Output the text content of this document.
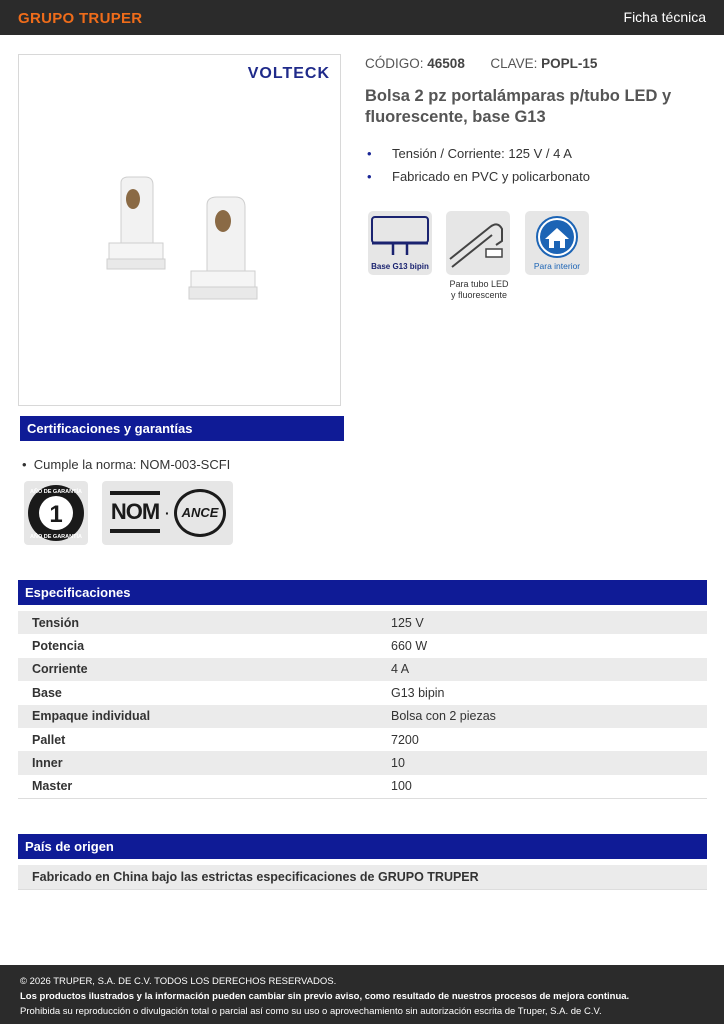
GRUPO TRUPER	Ficha técnica
VOLTECK
CÓDIGO: 46508 CLAVE: POPL-15
Bolsa 2 pz portalámparas p/tubo LED y fluorescente, base G13
• Tensión / Corriente: 125 V / 4 A
• Fabricado en PVC y policarbonato
Base G13 bipin
Para tubo LED
y fluorescente
Para interior
Certificaciones y garantías
•  Cumple la norma: NOM-003-SCFI
1
AÑO DE GARANTÍA
AÑO DE GARANTÍA
NOM · ANCE
Especificaciones
Tensión	125 V
Potencia	660 W
Corriente	4 A
Base	G13 bipin
Empaque individual	Bolsa con 2 piezas
Pallet	7200
Inner	10
Master	100
País de origen
Fabricado en China bajo las estrictas especificaciones de GRUPO TRUPER
© 2026 TRUPER, S.A. DE C.V. TODOS LOS DERECHOS RESERVADOS.
Los productos ilustrados y la información pueden cambiar sin previo aviso, como resultado de nuestros procesos de mejora continua.
Prohibida su reproducción o divulgación total o parcial así como su uso o aprovechamiento sin autorización escrita de Truper, S.A. de C.V.
